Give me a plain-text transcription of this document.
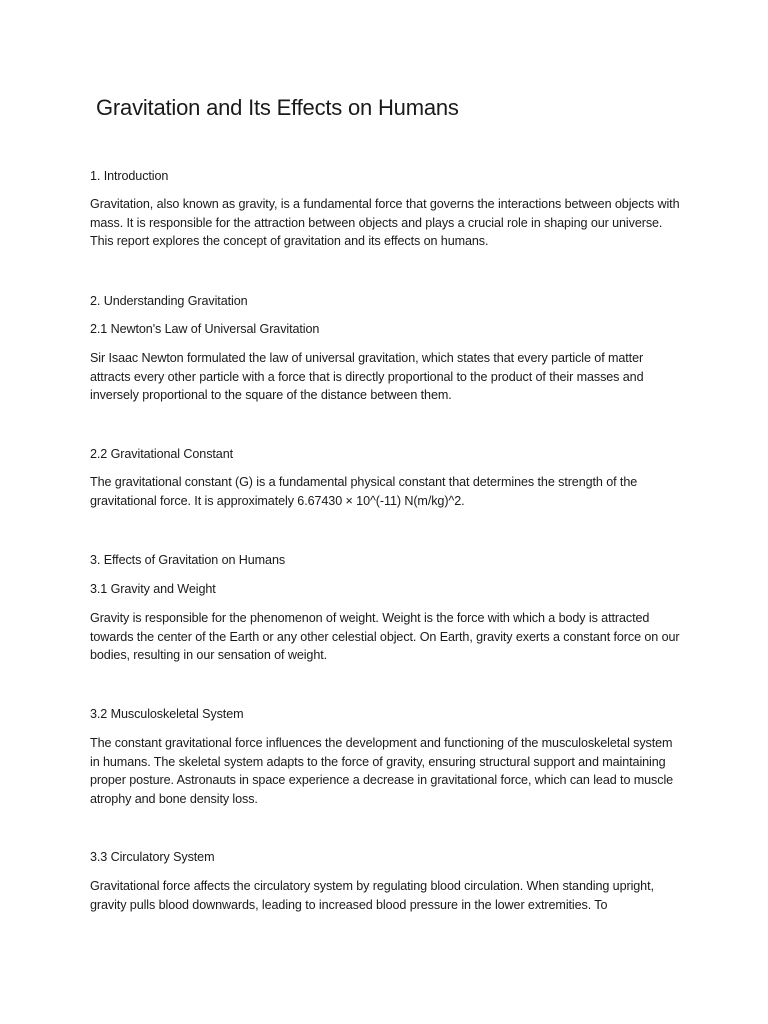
Gravitation and Its Effects on Humans

1. Introduction

Gravitation, also known as gravity, is a fundamental force that governs the interactions between objects with mass. It is responsible for the attraction between objects and plays a crucial role in shaping our universe. This report explores the concept of gravitation and its effects on humans.

2. Understanding Gravitation

2.1 Newton's Law of Universal Gravitation

Sir Isaac Newton formulated the law of universal gravitation, which states that every particle of matter attracts every other particle with a force that is directly proportional to the product of their masses and inversely proportional to the square of the distance between them.

2.2 Gravitational Constant

The gravitational constant (G) is a fundamental physical constant that determines the strength of the gravitational force. It is approximately 6.67430 × 10^(-11) N(m/kg)^2.

3. Effects of Gravitation on Humans

3.1 Gravity and Weight

Gravity is responsible for the phenomenon of weight. Weight is the force with which a body is attracted towards the center of the Earth or any other celestial object. On Earth, gravity exerts a constant force on our bodies, resulting in our sensation of weight.

3.2 Musculoskeletal System

The constant gravitational force influences the development and functioning of the musculoskeletal system in humans. The skeletal system adapts to the force of gravity, ensuring structural support and maintaining proper posture. Astronauts in space experience a decrease in gravitational force, which can lead to muscle atrophy and bone density loss.

3.3 Circulatory System

Gravitational force affects the circulatory system by regulating blood circulation. When standing upright, gravity pulls blood downwards, leading to increased blood pressure in the lower extremities. To
